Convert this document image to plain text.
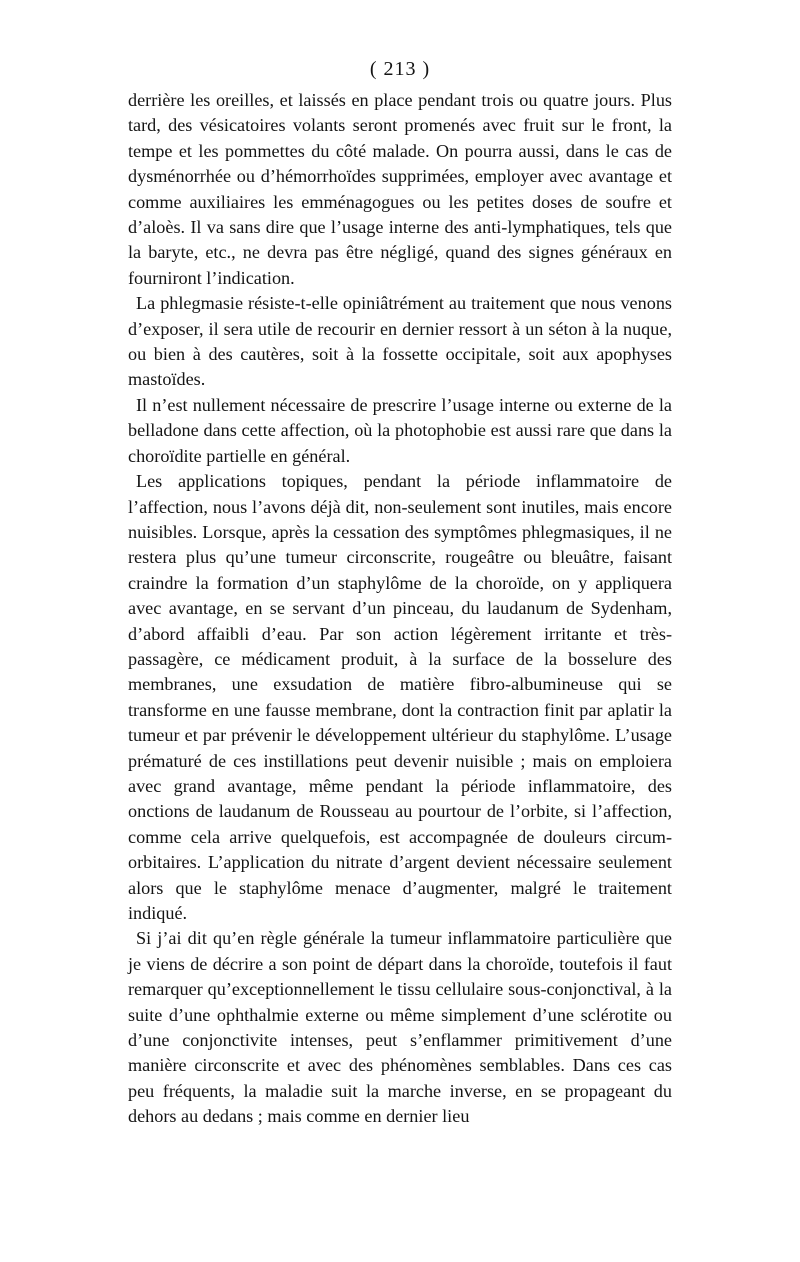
( 213 )

derrière les oreilles, et laissés en place pendant trois ou quatre jours. Plus tard, des vésicatoires volants seront promenés avec fruit sur le front, la tempe et les pommettes du côté malade. On pourra aussi, dans le cas de dysménorrhée ou d’hémorrhoïdes supprimées, employer avec avantage et comme auxiliaires les emménagogues ou les petites doses de soufre et d’aloès. Il va sans dire que l’usage interne des anti-lymphatiques, tels que la baryte, etc., ne devra pas être négligé, quand des signes généraux en fourniront l’indication.

La phlegmasie résiste-t-elle opiniâtrément au traitement que nous venons d’exposer, il sera utile de recourir en dernier ressort à un séton à la nuque, ou bien à des cautères, soit à la fossette occipitale, soit aux apophyses mastoïdes.

Il n’est nullement nécessaire de prescrire l’usage interne ou externe de la belladone dans cette affection, où la photophobie est aussi rare que dans la choroïdite partielle en général.

Les applications topiques, pendant la période inflammatoire de l’affection, nous l’avons déjà dit, non-seulement sont inutiles, mais encore nuisibles. Lorsque, après la cessation des symptômes phlegmasiques, il ne restera plus qu’une tumeur circonscrite, rougeâtre ou bleuâtre, faisant craindre la formation d’un staphylôme de la choroïde, on y appliquera avec avantage, en se servant d’un pinceau, du laudanum de Sydenham, d’abord affaibli d’eau. Par son action légèrement irritante et très-passagère, ce médicament produit, à la surface de la bosselure des membranes, une exsudation de matière fibro-albumineuse qui se transforme en une fausse membrane, dont la contraction finit par aplatir la tumeur et par prévenir le développement ultérieur du staphylôme. L’usage prématuré de ces instillations peut devenir nuisible ; mais on emploiera avec grand avantage, même pendant la période inflammatoire, des onctions de laudanum de Rousseau au pourtour de l’orbite, si l’affection, comme cela arrive quelquefois, est accompagnée de douleurs circum-orbitaires. L’application du nitrate d’argent devient nécessaire seulement alors que le staphylôme menace d’augmenter, malgré le traitement indiqué.

Si j’ai dit qu’en règle générale la tumeur inflammatoire particulière que je viens de décrire a son point de départ dans la choroïde, toutefois il faut remarquer qu’exceptionnellement le tissu cellulaire sous-conjonctival, à la suite d’une ophthalmie externe ou même simplement d’une sclérotite ou d’une conjonctivite intenses, peut s’enflammer primitivement d’une manière circonscrite et avec des phénomènes semblables. Dans ces cas peu fréquents, la maladie suit la marche inverse, en se propageant du dehors au dedans ; mais comme en dernier lieu
